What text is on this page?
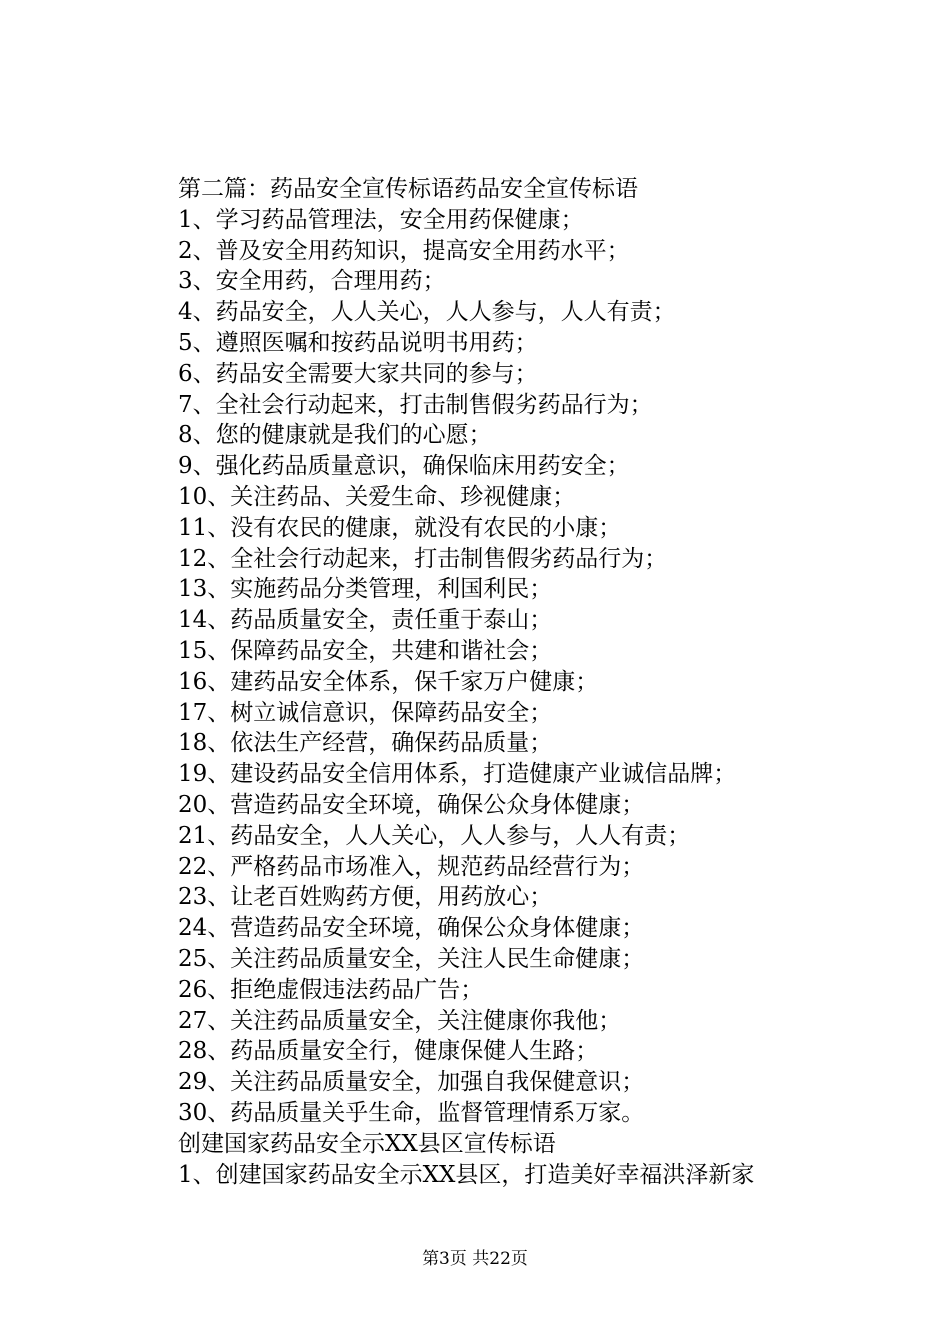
第二篇：药品安全宣传标语药品安全宣传标语
1、学习药品管理法，安全用药保健康；
2、普及安全用药知识，提高安全用药水平；
3、安全用药，合理用药；
4、药品安全，人人关心，人人参与，人人有责；
5、遵照医嘱和按药品说明书用药；
6、药品安全需要大家共同的参与；
7、全社会行动起来，打击制售假劣药品行为；
8、您的健康就是我们的心愿；
9、强化药品质量意识，确保临床用药安全；
10、关注药品、关爱生命、珍视健康；
11、没有农民的健康，就没有农民的小康；
12、全社会行动起来，打击制售假劣药品行为；
13、实施药品分类管理，利国利民；
14、药品质量安全，责任重于泰山；
15、保障药品安全，共建和谐社会；
16、建药品安全体系，保千家万户健康；
17、树立诚信意识，保障药品安全；
18、依法生产经营，确保药品质量；
19、建设药品安全信用体系，打造健康产业诚信品牌；
20、营造药品安全环境，确保公众身体健康；
21、药品安全，人人关心，人人参与，人人有责；
22、严格药品市场准入，规范药品经营行为；
23、让老百姓购药方便，用药放心；
24、营造药品安全环境，确保公众身体健康；
25、关注药品质量安全，关注人民生命健康；
26、拒绝虚假违法药品广告；
27、关注药品质量安全，关注健康你我他；
28、药品质量安全行，健康保健人生路；
29、关注药品质量安全，加强自我保健意识；
30、药品质量关乎生命，监督管理情系万家。
创建国家药品安全示XX县区宣传标语
1、创建国家药品安全示XX县区，打造美好幸福洪泽新家
第3页 共22页
